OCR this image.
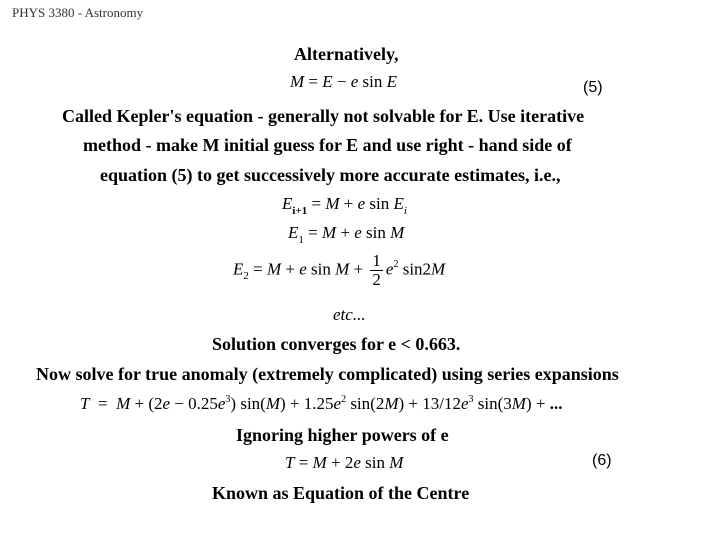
PHYS 3380 - Astronomy
Alternatively,
M = E − e sin E	(5)
Called Kepler's equation - generally not solvable for E. Use iterative
method - make M initial guess for E and use right - hand side of
equation (5) to get successively more accurate estimates, i.e.,
$E_{i+1} = M + e$ $\sin E_i$
$E_1 = M + e$ sin M
$E_2 = M + e$ $\sin M + \frac{1}{2} e^2$ sin2M
etc...
Solution converges for e < 0.663.
Now solve for true anomaly (extremely complicated) using series expansions
$T = M + (2e - 0.25e^3)$ $\sin(M) + 1.25e^2$ $\sin(2M) + 13/12e^3$ sin(3M) + ...
Ignoring higher powers of e
T = M + 2e sin M	(6)
Known as Equation of the Centre
